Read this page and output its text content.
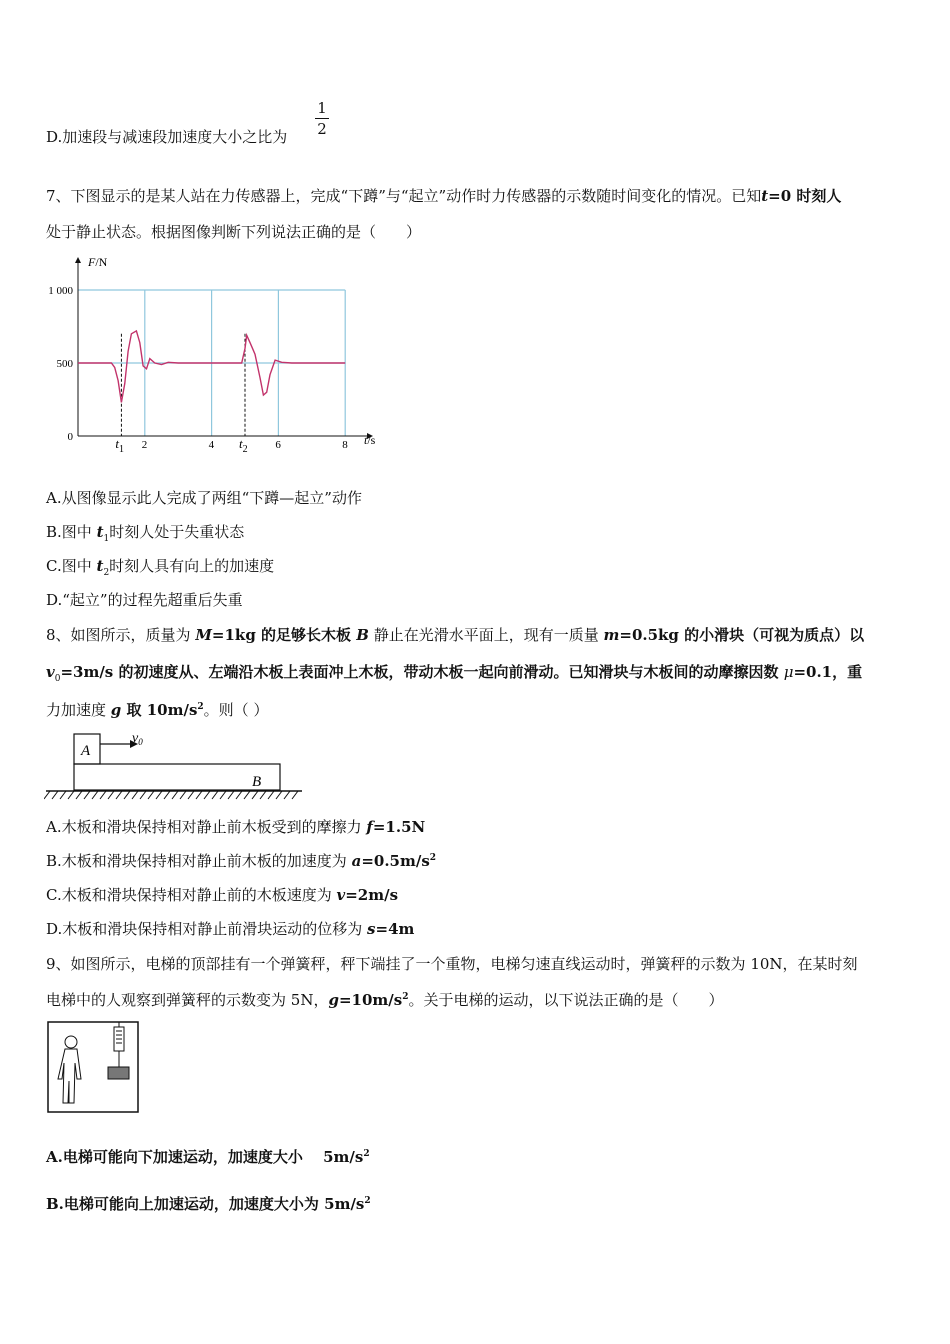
D.加速段与减速段加速度大小之比为
1
2
7、下图显示的是某人站在力传感器上，完成“下蹲”与“起立”动作时力传感器的示数随时间变化的情况。已知t=0 时刻人
处于静止状态。根据图像判断下列说法正确的是（　　）
F/N
t/s
1 000
500
0
2	4	6	8
$t_1$	$t_2$
A.从图像显示此人完成了两组“下蹲—起立”动作
B.图中 $t_1$时刻人处于失重状态
C.图中 $t_2$时刻人具有向上的加速度
D.“起立”的过程先超重后失重
8、如图所示，质量为 M=1kg 的足够长木板 B 静止在光滑水平面上，现有一质量 m=0.5kg 的小滑块（可视为质点）以
$v_0=3m/s$ 的初速度从、左端沿木板上表面冲上木板，带动木板一起向前滑动。已知滑块与木板间的动摩擦因数 μ=0.1，重
力加速度 g 取 $10m/s^2$。则（ ）
A
$v_0$
B
A.木板和滑块保持相对静止前木板受到的摩擦力 f=1.5N
B.木板和滑块保持相对静止前木板的加速度为 $a=0.5m/s^2$
C.木板和滑块保持相对静止前的木板速度为 v=2m/s
D.木板和滑块保持相对静止前滑块运动的位移为 s=4m
9、如图所示，电梯的顶部挂有一个弹簧秤，秤下端挂了一个重物，电梯匀速直线运动时，弹簧秤的示数为 10N，在某时刻
电梯中的人观察到弹簧秤的示数变为 5N，$g=10m/s^2$。关于电梯的运动，以下说法正确的是（　　）
A.电梯可能向下加速运动，加速度大小　 $5m/s^2$
B.电梯可能向上加速运动，加速度大小为 $5m/s^2$
